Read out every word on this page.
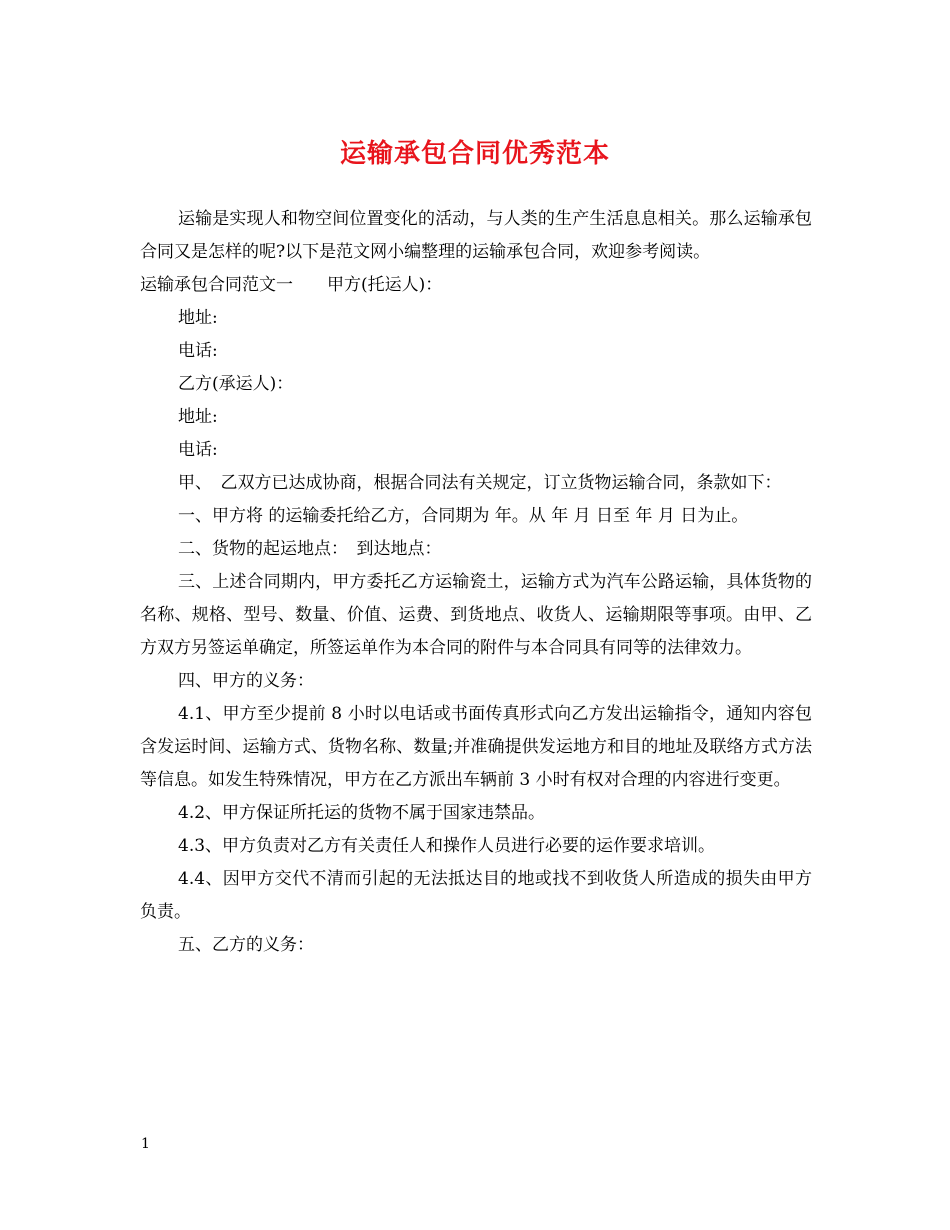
运输承包合同优秀范本

运输是实现人和物空间位置变化的活动，与人类的生产生活息息相关。那么运输承包合同又是怎样的呢?以下是范文网小编整理的运输承包合同，欢迎参考阅读。

运输承包合同范文一　　甲方(托运人)：

地址:

电话:

乙方(承运人)：

地址:

电话:

甲、　乙双方已达成协商，根据合同法有关规定，订立货物运输合同，条款如下：

一、甲方将 的运输委托给乙方，合同期为 年。从 年 月 日至 年 月 日为止。

二、货物的起运地点：　到达地点：

三、上述合同期内，甲方委托乙方运输瓷土，运输方式为汽车公路运输，具体货物的名称、规格、型号、数量、价值、运费、到货地点、收货人、运输期限等事项。由甲、乙方双方另签运单确定，所签运单作为本合同的附件与本合同具有同等的法律效力。

四、甲方的义务：

4.1、甲方至少提前 8 小时以电话或书面传真形式向乙方发出运输指令，通知内容包含发运时间、运输方式、货物名称、数量;并准确提供发运地方和目的地址及联络方式方法等信息。如发生特殊情况，甲方在乙方派出车辆前 3 小时有权对合理的内容进行变更。

4.2、甲方保证所托运的货物不属于国家违禁品。

4.3、甲方负责对乙方有关责任人和操作人员进行必要的运作要求培训。

4.4、因甲方交代不清而引起的无法抵达目的地或找不到收货人所造成的损失由甲方负责。

五、乙方的义务：

1
